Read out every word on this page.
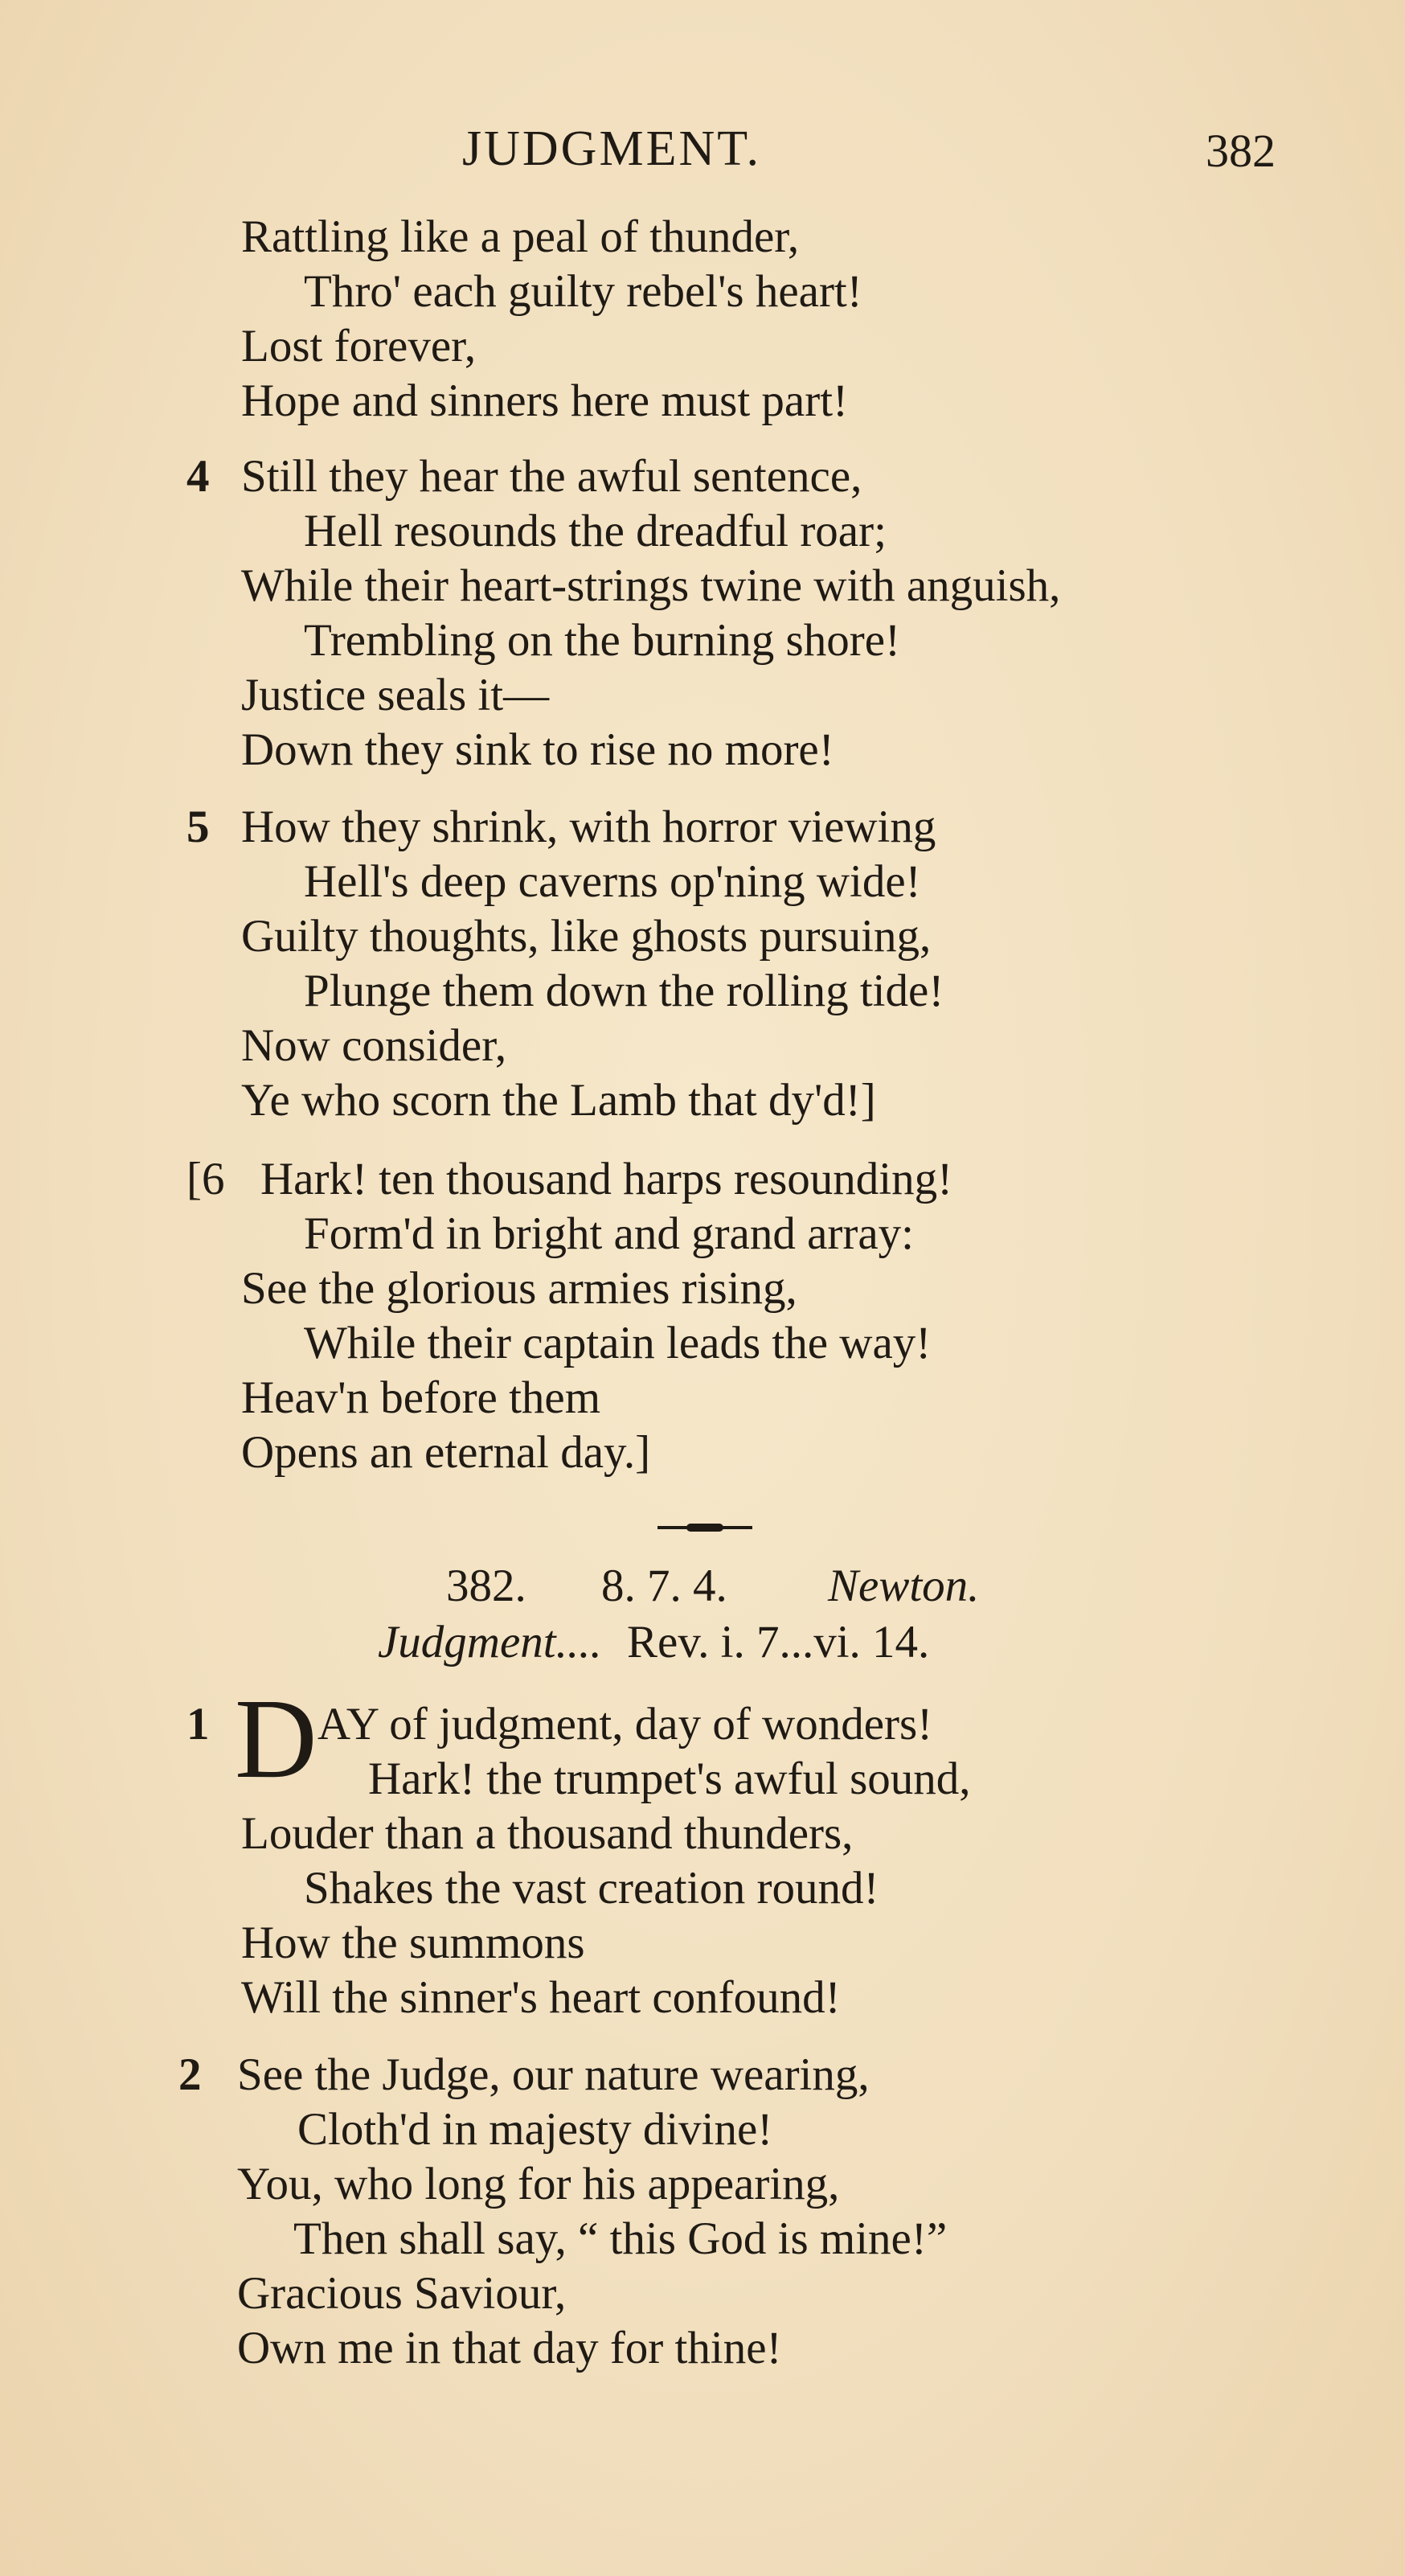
JUDGMENT.	382
Rattling like a peal of thunder,
Thro' each guilty rebel's heart!
Lost forever,
Hope and sinners here must part!
4 Still they hear the awful sentence,
Hell resounds the dreadful roar;
While their heart-strings twine with anguish,
Trembling on the burning shore!
Justice seals it—
Down they sink to rise no more!
5 How they shrink, with horror viewing
Hell's deep caverns op'ning wide!
Guilty thoughts, like ghosts pursuing,
Plunge them down the rolling tide!
Now consider,
Ye who scorn the Lamb that dy'd!]
[6 Hark! ten thousand harps resounding!
Form'd in bright and grand array:
See the glorious armies rising,
While their captain leads the way!
Heav'n before them
Opens an eternal day.]
382. 8. 7. 4. Newton.
Judgment.... Rev. i. 7...vi. 14.
1 D AY of judgment, day of wonders!
Hark! the trumpet's awful sound,
Louder than a thousand thunders,
Shakes the vast creation round!
How the summons
Will the sinner's heart confound!
2 See the Judge, our nature wearing,
Cloth'd in majesty divine!
You, who long for his appearing,
Then shall say, “ this God is mine!”
Gracious Saviour,
Own me in that day for thine!
